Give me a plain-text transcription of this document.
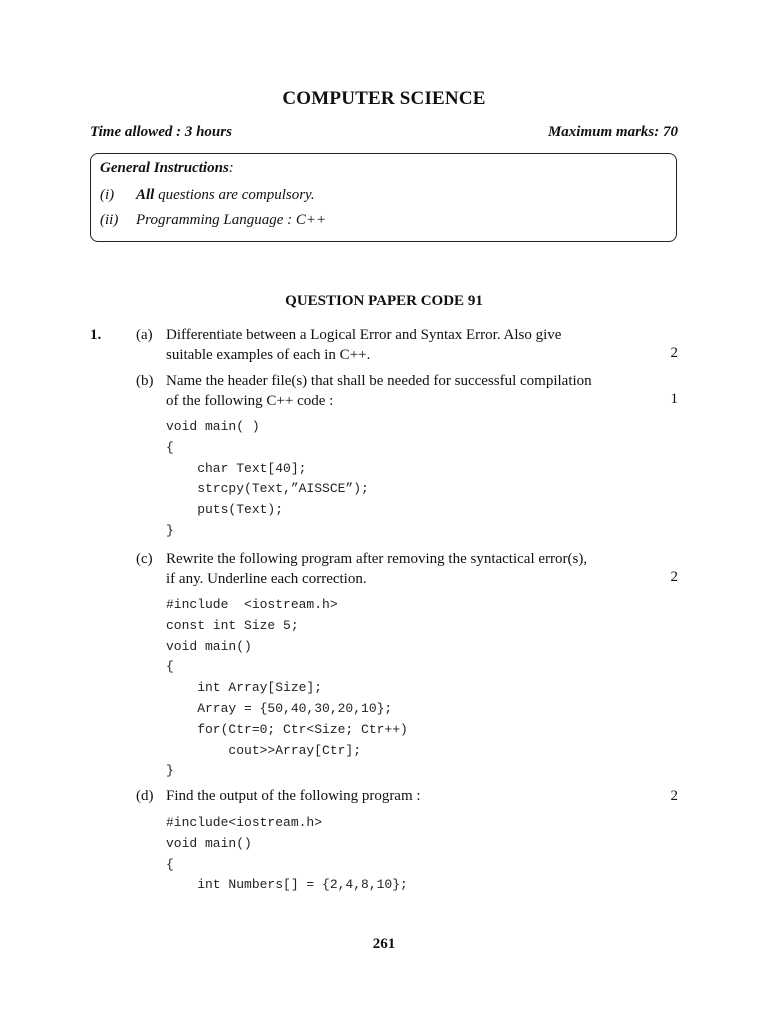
COMPUTER SCIENCE
Time allowed : 3 hours	Maximum marks: 70
General Instructions:
(i) All questions are compulsory.
(ii) Programming Language : C++
QUESTION PAPER CODE 91
1. (a) Differentiate between a Logical Error and Syntax Error. Also give suitable examples of each in C++.	2
(b) Name the header file(s) that shall be needed for successful compilation of the following C++ code :	1
void main( )
{
char Text[40];
strcpy(Text,”AISSCE”);
puts(Text);
}
(c) Rewrite the following program after removing the syntactical error(s), if any. Underline each correction.	2
#include  <iostream.h>
const int Size 5;
void main()
{
int Array[Size];
Array = {50,40,30,20,10};
for(Ctr=0; Ctr<Size; Ctr++)
cout>>Array[Ctr];
}
(d) Find the output of the following program :	2
#include<iostream.h>
void main()
{
int Numbers[] = {2,4,8,10};
261
